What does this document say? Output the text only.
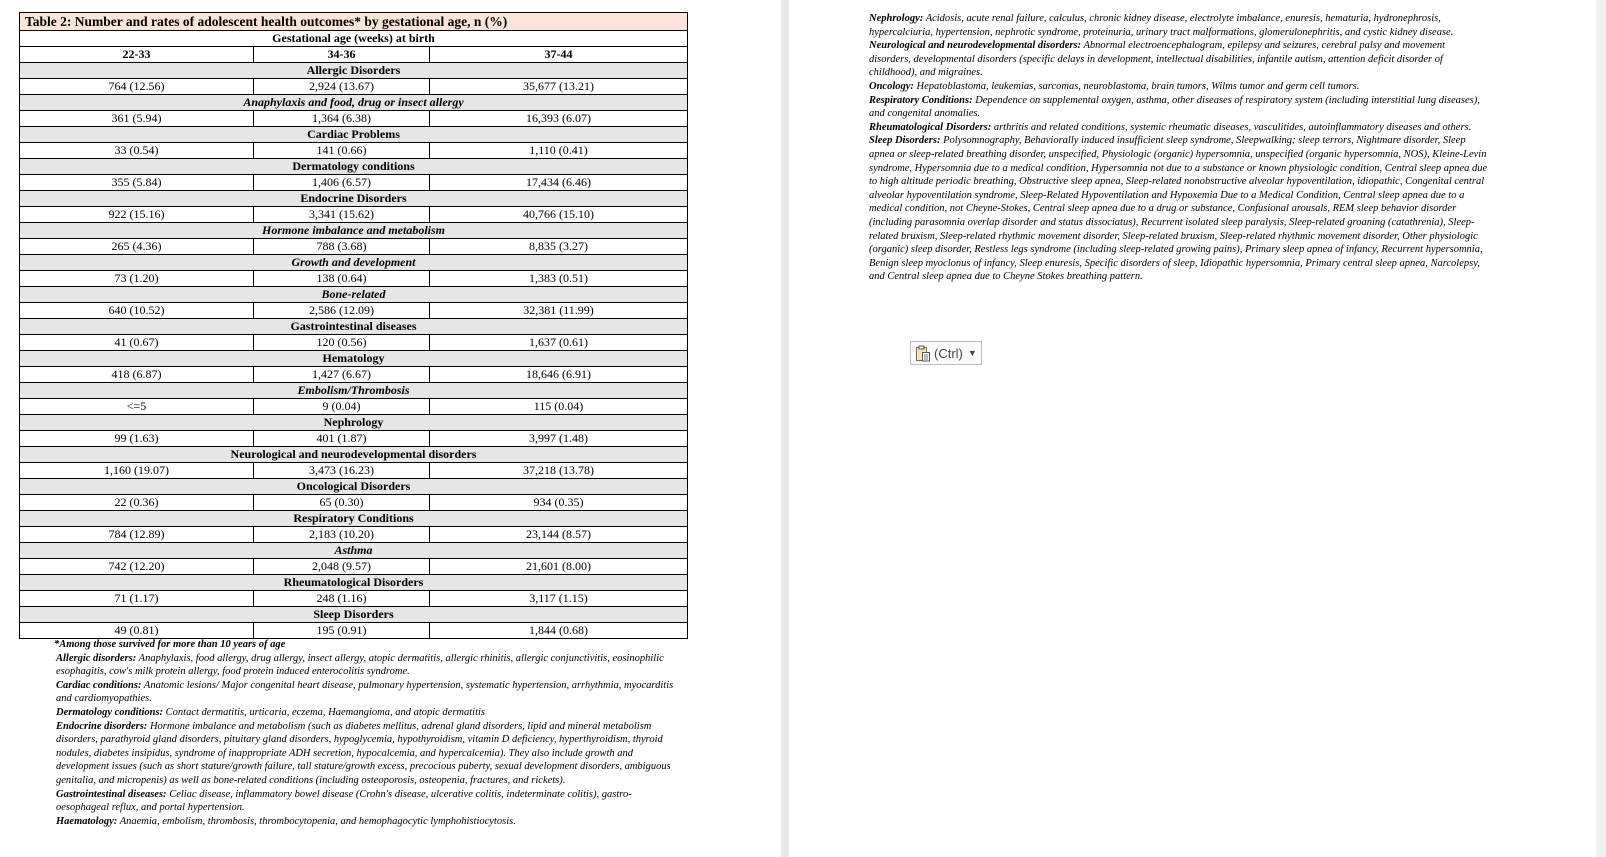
Table 2: Number and rates of adolescent health outcomes* by gestational age, n (%)		
Gestational age (weeks) at birth		
22-33	34-36	37-44
Allergic Disorders		
764 (12.56)	2,924 (13.67)	35,677 (13.21)
Anaphylaxis and food, drug or insect allergy		
361 (5.94)	1,364 (6.38)	16,393 (6.07)
Cardiac Problems		
33 (0.54)	141 (0.66)	1,110 (0.41)
Dermatology conditions		
355 (5.84)	1,406 (6.57)	17,434 (6.46)
Endocrine Disorders		
922 (15.16)	3,341 (15.62)	40,766 (15.10)
Hormone imbalance and metabolism		
265 (4.36)	788 (3.68)	8,835 (3.27)
Growth and development		
73 (1.20)	138 (0.64)	1,383 (0.51)
Bone-related		
640 (10.52)	2,586 (12.09)	32,381 (11.99)
Gastrointestinal diseases		
41 (0.67)	120 (0.56)	1,637 (0.61)
Hematology		
418 (6.87)	1,427 (6.67)	18,646 (6.91)
Embolism/Thrombosis		
<=5	9 (0.04)	115 (0.04)
Nephrology		
99 (1.63)	401 (1.87)	3,997 (1.48)
Neurological and neurodevelopmental disorders		
1,160 (19.07)	3,473 (16.23)	37,218 (13.78)
Oncological Disorders		
22 (0.36)	65 (0.30)	934 (0.35)
Respiratory Conditions		
784 (12.89)	2,183 (10.20)	23,144 (8.57)
Asthma		
742 (12.20)	2,048 (9.57)	21,601 (8.00)
Rheumatological Disorders		
71 (1.17)	248 (1.16)	3,117 (1.15)
Sleep Disorders		
49 (0.81)	195 (0.91)	1,844 (0.68)

*Among those survived for more than 10 years of age

Allergic disorders: Anaphylaxis, food allergy, drug allergy, insect allergy, atopic dermatitis, allergic rhinitis, allergic conjunctivitis, eosinophilic esophagitis, cow's milk protein allergy, food protein induced enterocolitis syndrome.

Cardiac conditions: Anatomic lesions/ Major congenital heart disease, pulmonary hypertension, systematic hypertension, arrhythmia, myocarditis and cardiomyopathies.

Dermatology conditions: Contact dermatitis, urticaria, eczema, Haemangioma, and atopic dermatitis

Endocrine disorders: Hormone imbalance and metabolism (such as diabetes mellitus, adrenal gland disorders, lipid and mineral metabolism disorders, parathyroid gland disorders, pituitary gland disorders, hypoglycemia, hypothyroidism, vitamin D deficiency, hyperthyroidism, thyroid nodules, diabetes insipidus, syndrome of inappropriate ADH secretion, hypocalcemia, and hypercalcemia). They also include growth and development issues (such as short stature/growth failure, tall stature/growth excess, precocious puberty, sexual development disorders, ambiguous genitalia, and micropenis) as well as bone-related conditions (including osteoporosis, osteopenia, fractures, and rickets).

Gastrointestinal diseases: Celiac disease, inflammatory bowel disease (Crohn's disease, ulcerative colitis, indeterminate colitis), gastro-oesophageal reflux, and portal hypertension.

Haematology: Anaemia, embolism, thrombosis, thrombocytopenia, and hemophagocytic lymphohistiocytosis.

Nephrology: Acidosis, acute renal failure, calculus, chronic kidney disease, electrolyte imbalance, enuresis, hematuria, hydronephrosis, hypercalciuria, hypertension, nephrotic syndrome, proteinuria, urinary tract malformations, glomerulonephritis, and cystic kidney disease.

Neurological and neurodevelopmental disorders: Abnormal electroencephalogram, epilepsy and seizures, cerebral palsy and movement disorders, developmental disorders (specific delays in development, intellectual disabilities, infantile autism, attention deficit disorder of childhood), and migraines.

Oncology: Hepatoblastoma, leukemias, sarcomas, neuroblastoma, brain tumors, Wilms tumor and germ cell tumors.

Respiratory Conditions: Dependence on supplemental oxygen, asthma, other diseases of respiratory system (including interstitial lung diseases), and congenital anomalies.

Rheumatological Disorders: arthritis and related conditions, systemic rheumatic diseases, vasculitides, autoinflammatory diseases and others.

Sleep Disorders: Polysomnography, Behaviorally induced insufficient sleep syndrome, Sleepwalking; sleep terrors, Nightmare disorder, Sleep apnea or sleep-related breathing disorder, unspecified, Physiologic (organic) hypersomnia, unspecified (organic hypersomnia, NOS), Kleine-Levin syndrome, Hypersomnia due to a medical condition, Hypersomnia not due to a substance or known physiologic condition, Central sleep apnea due to high altitude periodic breathing, Obstructive sleep apnea, Sleep-related nonobstructive alveolar hypoventilation, idiopathic, Congenital central alveolar hypoventilation syndrome, Sleep-Related Hypoventilation and Hypoxemia Due to a Medical Condition, Central sleep apnea due to a medical condition, not Cheyne-Stokes, Central sleep apnea due to a drug or substance, Confusional arousals, REM sleep behavior disorder (including parasomnia overlap disorder and status dissociatus), Recurrent isolated sleep paralysis, Sleep-related groaning (catathrenia), Sleep-related bruxism, Sleep-related rhythmic movement disorder, Sleep-related bruxism, Sleep-related rhythmic movement disorder, Other physiologic (organic) sleep disorder, Restless legs syndrome (including sleep-related growing pains), Primary sleep apnea of infancy, Recurrent hypersomnia, Benign sleep myoclonus of infancy, Sleep enuresis, Specific disorders of sleep, Idiopathic hypersomnia, Primary central sleep apnea, Narcolepsy, and Central sleep apnea due to Cheyne Stokes breathing pattern.

(Ctrl) ▼
